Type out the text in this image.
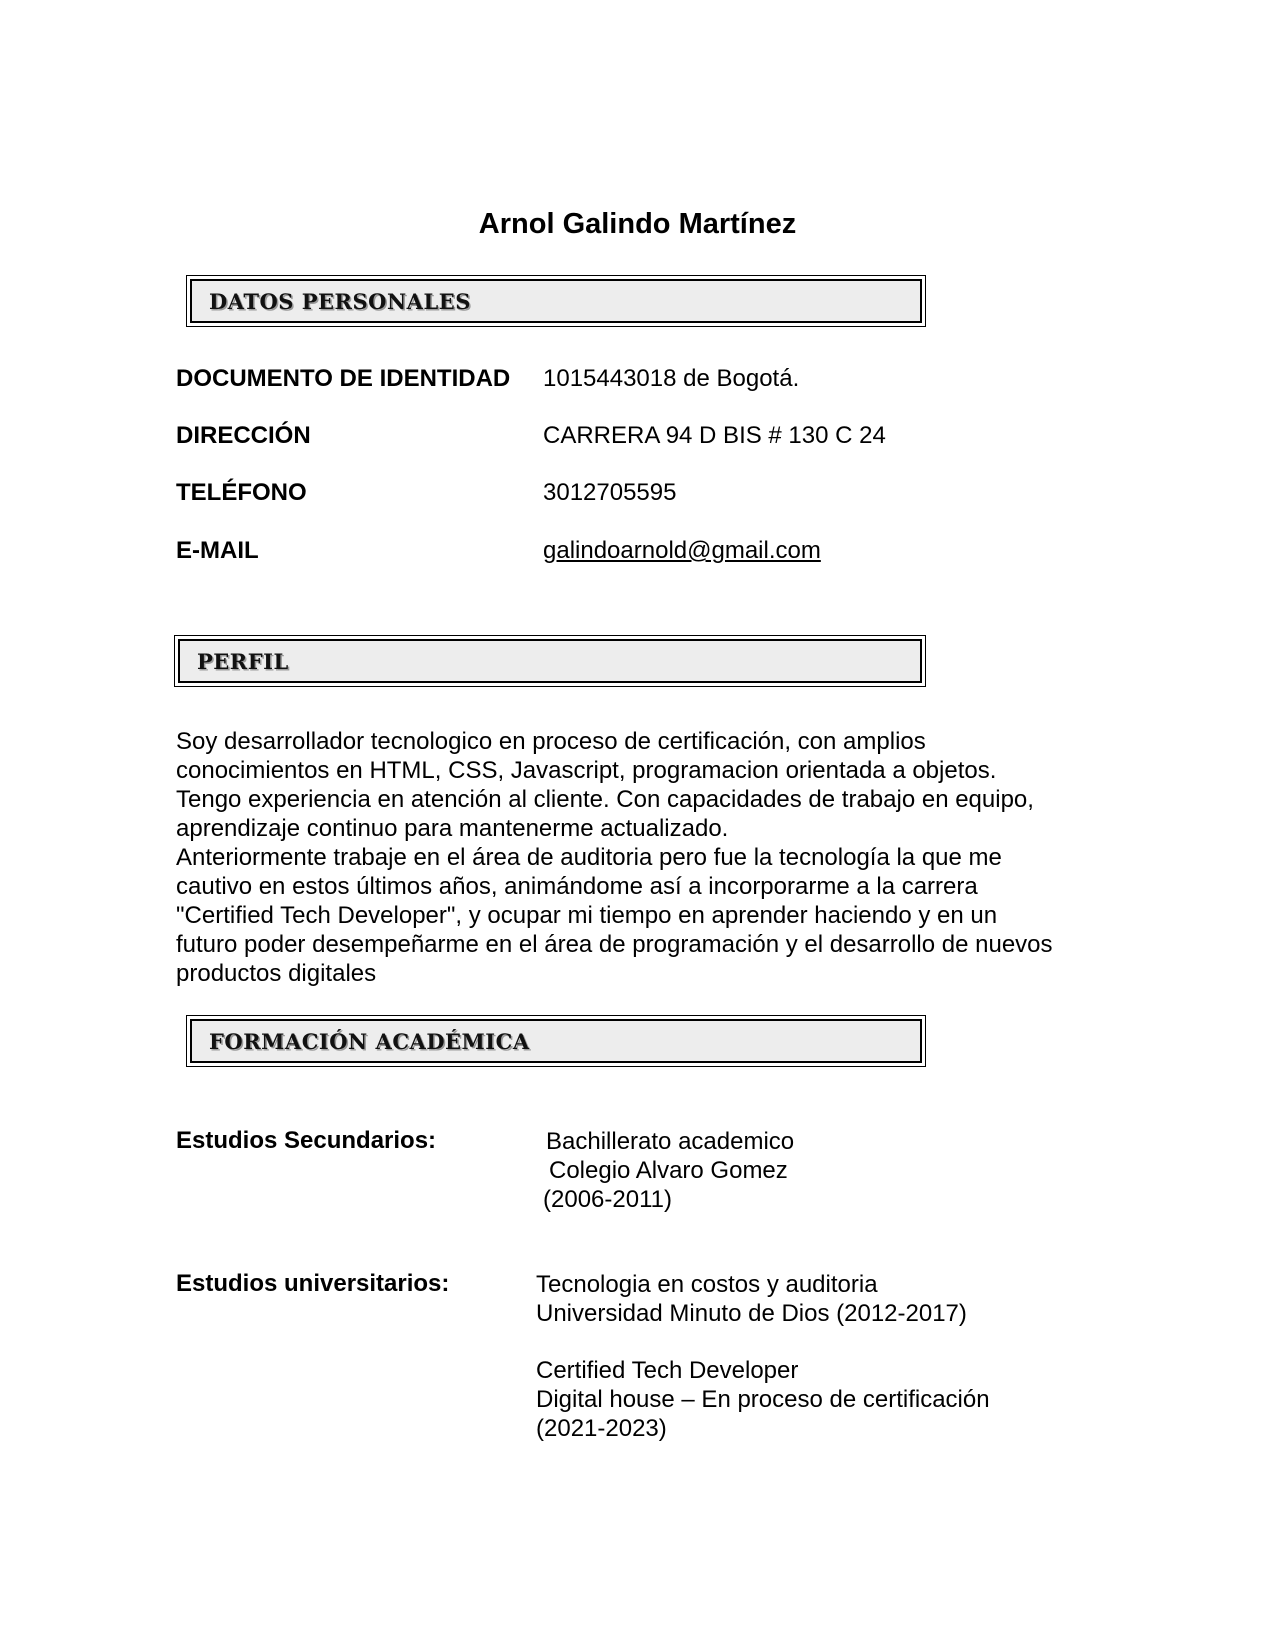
Arnol Galindo Martínez
DATOS PERSONALES
DOCUMENTO DE IDENTIDAD 1015443018 de Bogotá.
DIRECCIÓN	CARRERA 94 D BIS # 130 C 24
TELÉFONO	3012705595
E-MAIL	galindoarnold@gmail.com
PERFIL

Soy desarrollador tecnologico en proceso de certificación, con amplios

conocimientos en HTML, CSS, Javascript, programacion orientada a objetos.

Tengo experiencia en atención al cliente. Con capacidades de trabajo en equipo,

aprendizaje continuo para mantenerme actualizado.

Anteriormente trabaje en el área de auditoria pero fue la tecnología la que me

cautivo en estos últimos años, animándome así a incorporarme a la carrera

"Certified Tech Developer", y ocupar mi tiempo en aprender haciendo y en un

futuro poder desempeñarme en el área de programación y el desarrollo de nuevos

productos digitales

FORMACIÓN ACADÉMICA
Estudios Secundarios:	Bachillerato academico
Colegio Alvaro Gomez
(2006-2011)
Estudios universitarios:	Tecnologia en costos y auditoria
Universidad Minuto de Dios (2012-2017)
Certified Tech Developer
Digital house – En proceso de certificación
(2021-2023)
